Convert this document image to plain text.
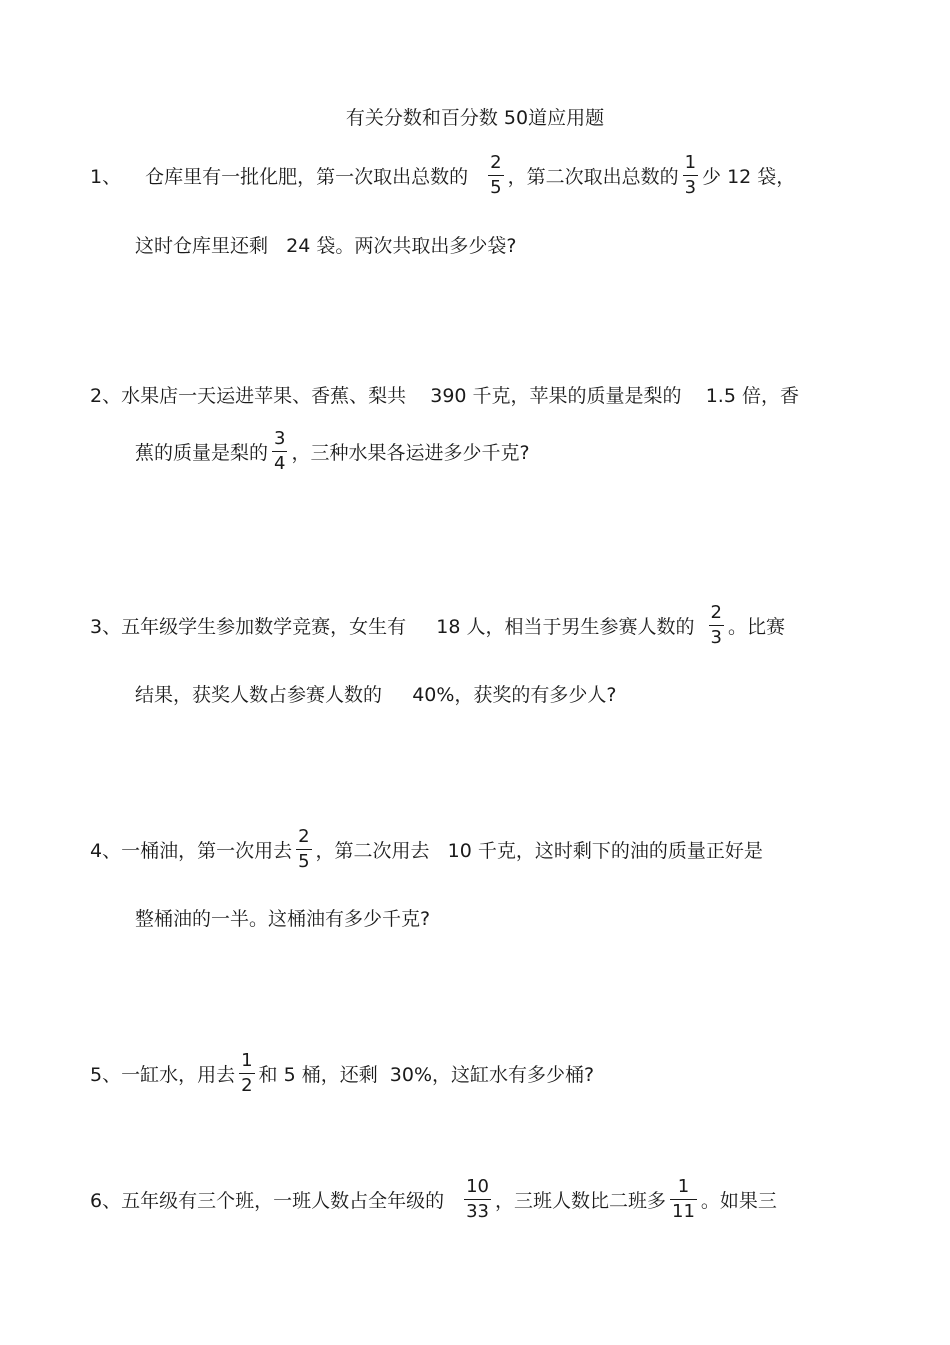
有关分数和百分数 50道应用题
1、 仓库里有一批化肥，第一次取出总数的 $\frac{2}{5}$ ，第二次取出总数的 $\frac{1}{3}$ 少 12 袋，
这时仓库里还剩   24 袋。两次共取出多少袋?
2、水果店一天运进苹果、香蕉、梨共    390 千克，苹果的质量是梨的    1.5 倍，香
蕉的质量是梨的 $\frac{3}{4}$ ，三种水果各运进多少千克?
3、五年级学生参加数学竞赛，女生有     18 人，相当于男生参赛人数的 $\frac{2}{3}$ 。比赛
结果，获奖人数占参赛人数的     40%，获奖的有多少人?
4、一桶油，第一次用去 $\frac{2}{5}$ ，第二次用去   10 千克，这时剩下的油的质量正好是
整桶油的一半。这桶油有多少千克?
5、一缸水，用去 $\frac{1}{2}$ 和 5 桶，还剩  30%，这缸水有多少桶?
6、五年级有三个班，一班人数占全年级的 $\frac{10}{33}$ ，三班人数比二班多 $\frac{1}{11}$ 。如果三
